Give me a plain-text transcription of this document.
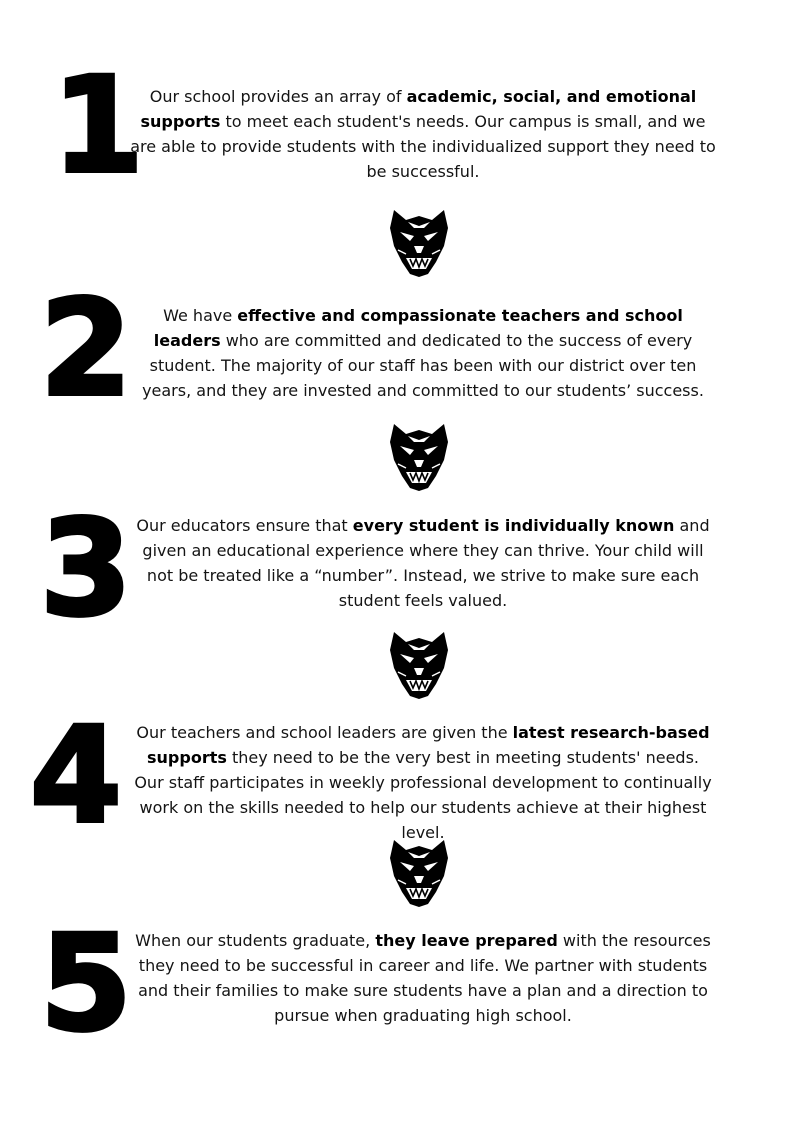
1 Our school provides an array of academic, social, and emotional supports to meet each student's needs. Our campus is small, and we are able to provide students with the individualized support they need to be successful.
2	We have effective and compassionate teachers and school leaders who are committed and dedicated to the success of every student. The majority of our staff has been with our district over ten years, and they are invested and committed to our students’ success.
3 Our educators ensure that every student is individually known and given an educational experience where they can thrive. Your child will not be treated like a “number”. Instead, we strive to make sure each student feels valued.
4	Our teachers and school leaders are given the latest research-based supports they need to be the very best in meeting students' needs. Our staff participates in weekly professional development to continually work on the skills needed to help our students achieve at their highest level.
5 When our students graduate, they leave prepared with the resources they need to be successful in career and life. We partner with students and their families to make sure students have a plan and a direction to pursue when graduating high school.
